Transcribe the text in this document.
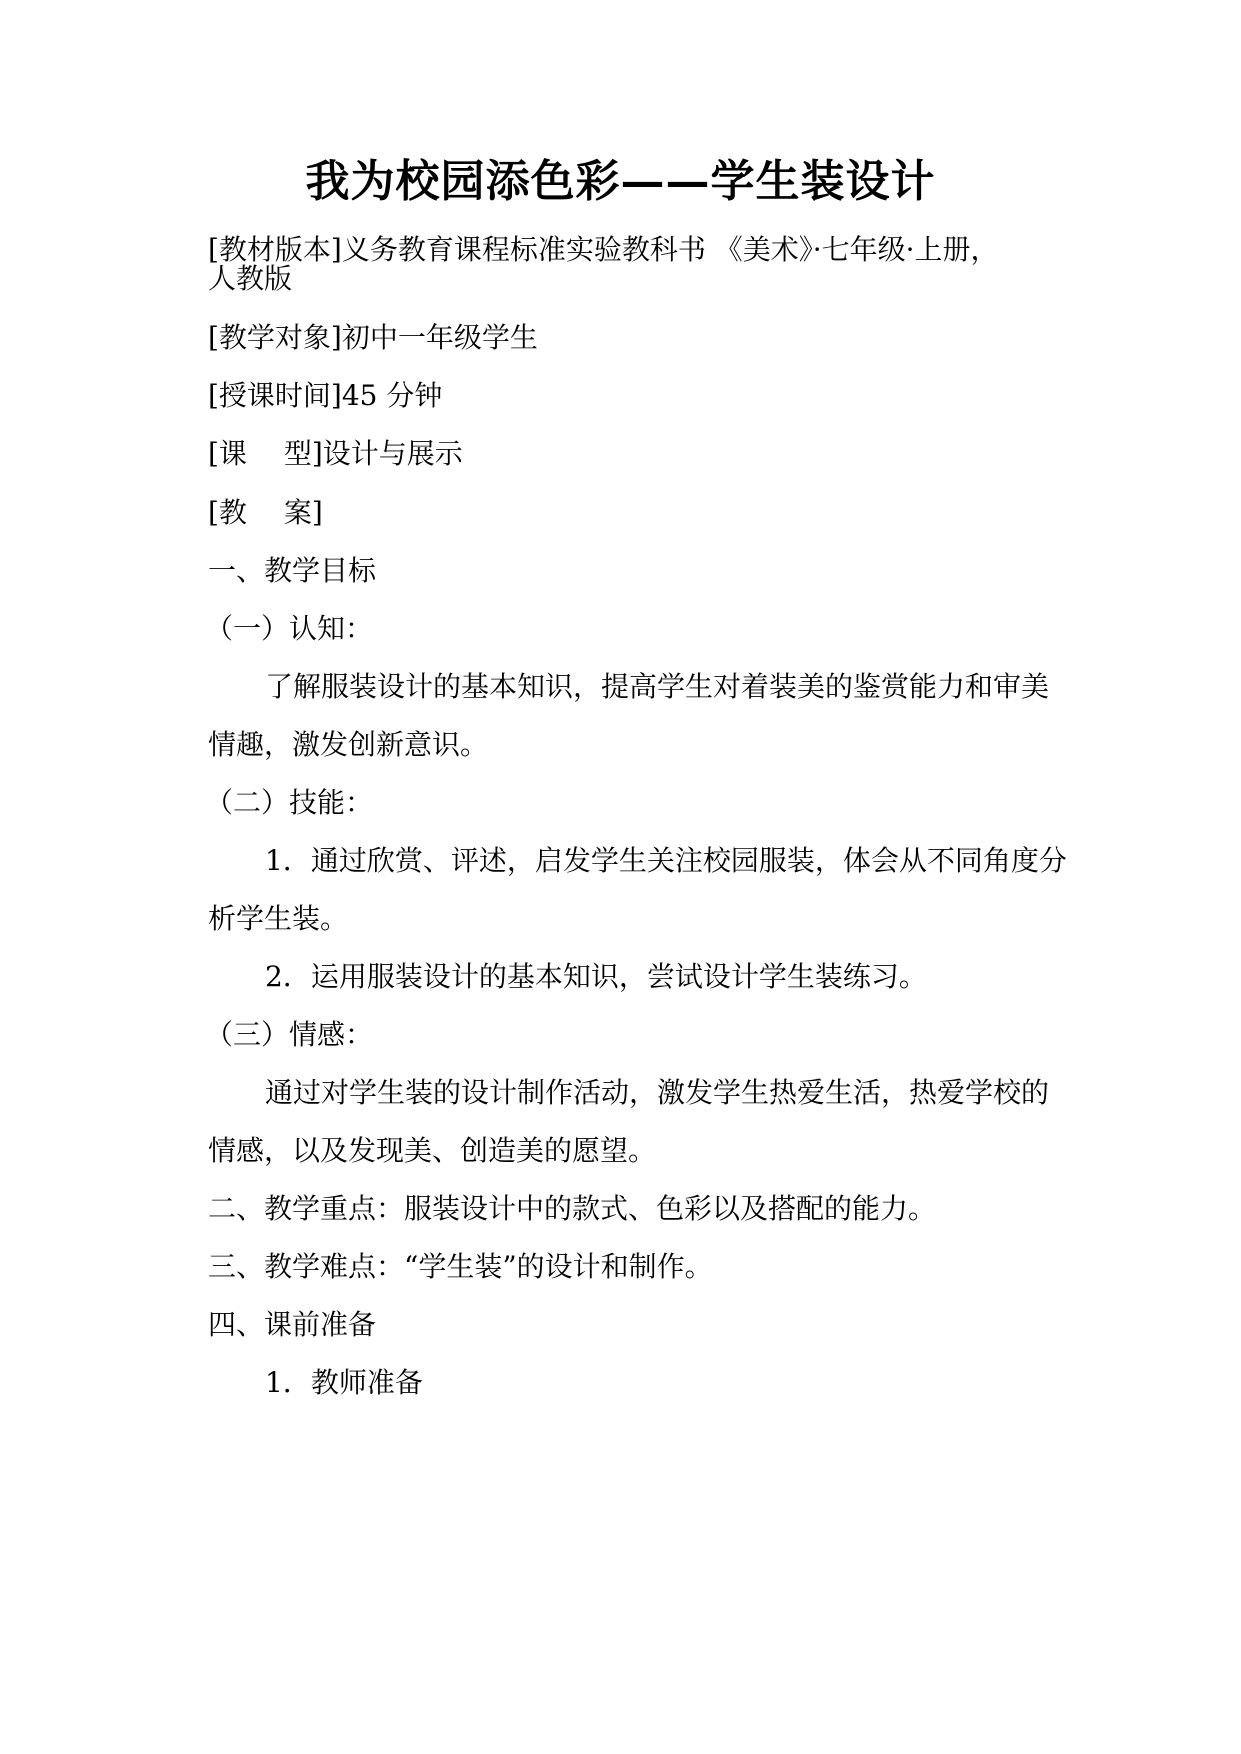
我为校园添色彩——学生装设计
[教材版本]义务教育课程标准实验教科书 《美术》·七年级·上册，
人教版
[教学对象]初中一年级学生
[授课时间]45 分钟
[课　 型]设计与展示
[教　 案]
一、教学目标
（一）认知：
了解服装设计的基本知识，提高学生对着装美的鉴赏能力和审美
情趣，激发创新意识。
（二）技能：
1．通过欣赏、评述，启发学生关注校园服装，体会从不同角度分
析学生装。
2．运用服装设计的基本知识，尝试设计学生装练习。
（三）情感：
通过对学生装的设计制作活动，激发学生热爱生活，热爱学校的
情感，以及发现美、创造美的愿望。
二、教学重点：服装设计中的款式、色彩以及搭配的能力。
三、教学难点：“学生装”的设计和制作。
四、课前准备
1．教师准备
